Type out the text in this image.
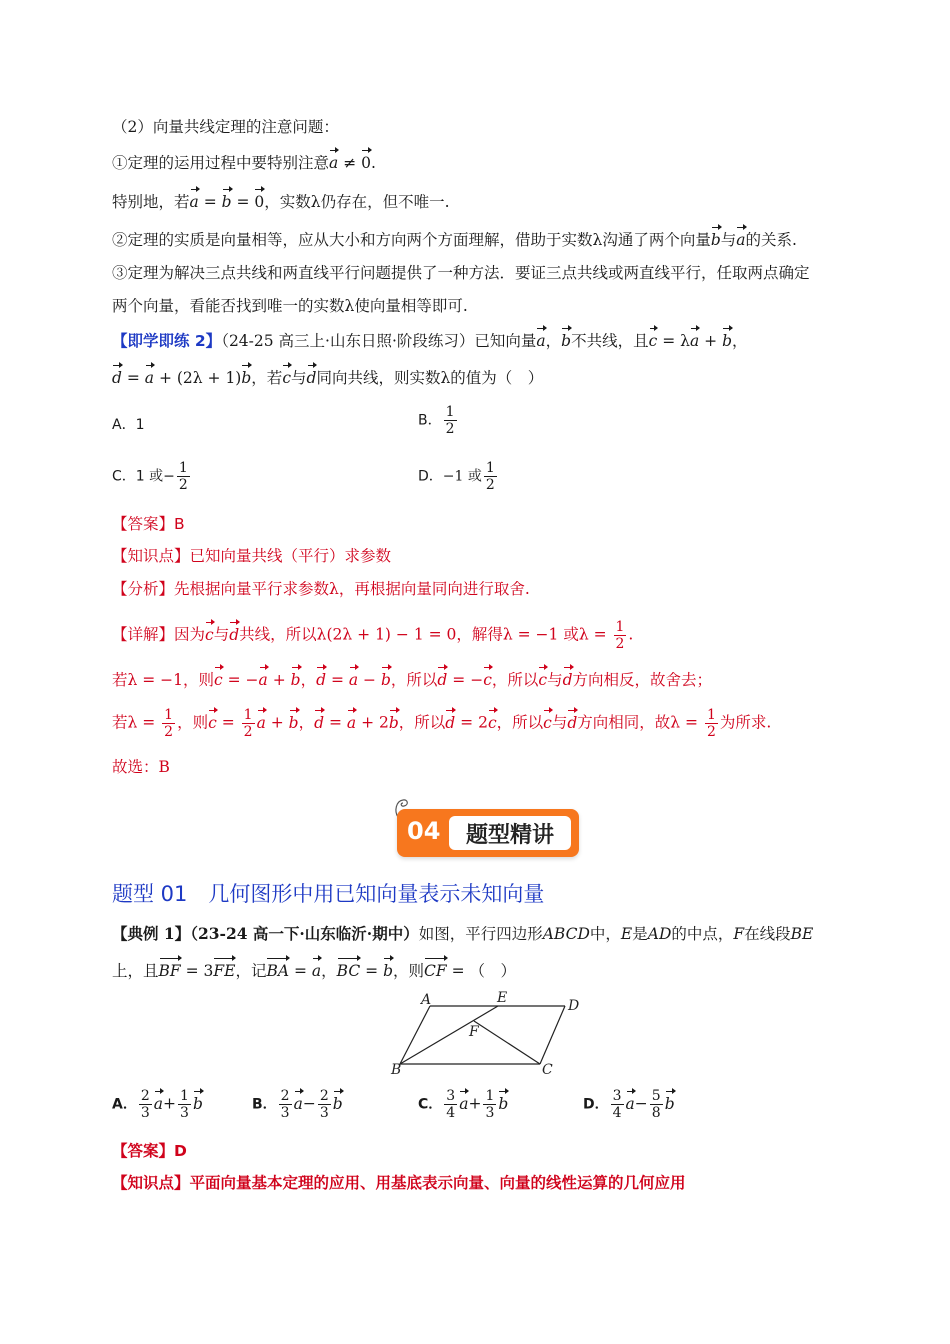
（2）向量共线定理的注意问题：
①定理的运用过程中要特别注意a ≠ 0.
特别地，若a = b = 0，实数λ仍存在，但不唯一.
②定理的实质是向量相等，应从大小和方向两个方面理解，借助于实数λ沟通了两个向量b与a的关系.
③定理为解决三点共线和两直线平行问题提供了一种方法．要证三点共线或两直线平行，任取两点确定
两个向量，看能否找到唯一的实数λ使向量相等即可.
【即学即练 2】（24-25 高三上·山东日照·阶段练习）已知向量a，b不共线，且c = λa + b，
d = a + (2λ + 1)b，若c与d同向共线，则实数λ的值为（　）
A．1	B． $\frac{1}{2}$
C．1 或− $\frac{1}{2}$	D．−1 或 $\frac{1}{2}$
【答案】B
【知识点】已知向量共线（平行）求参数
【分析】先根据向量平行求参数λ，再根据向量同向进行取舍.
【详解】因为c与d共线，所以λ(2λ + 1) − 1 = 0，解得λ = −1 或$\lambda = \frac{1}{2}$ .
若λ = −1，则c = −a + b，d = a − b，所以d = −c，所以c与d方向相反，故舍去；
若$\lambda = \frac{1}{2}$ ，则$c = \frac{1}{2}$ a + b，d = a + 2b，所以d = 2c，所以c与d方向相同，故$\lambda = \frac{1}{2}$ 为所求.
故选：B
04	题型精讲
题型 01　几何图形中用已知向量表示未知向量
【典例 1】（23-24 高一下·山东临沂·期中）如图，平行四边形ABCD中，E是AD的中点，F在线段BE
上，且BF = 3FE，记BA = a，BC = b，则CF = （　）
A	E	D
F
B	C
A． $\frac{2}{3} a+ \frac{1}{3}$ b	B． $\frac{2}{3} a- \frac{2}{3}$ b	C． $\frac{3}{4} a+ \frac{1}{3}$ b	D． $\frac{3}{4} a- \frac{5}{8}$ b
【答案】D
【知识点】平面向量基本定理的应用、用基底表示向量、向量的线性运算的几何应用
